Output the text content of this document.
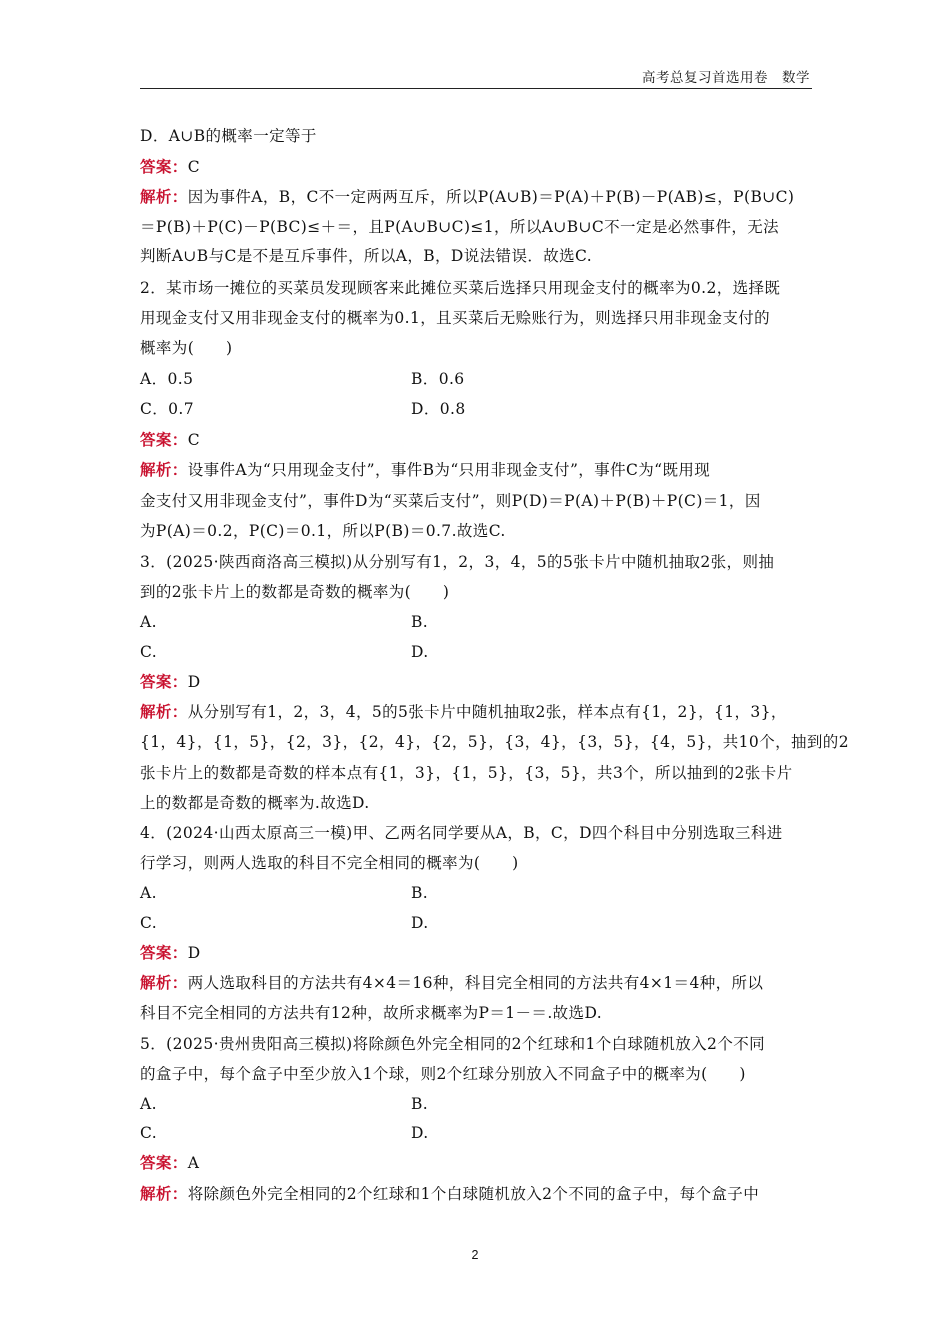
高考总复习首选用卷　数学
D．A∪B的概率一定等于
答案：C
解析：因为事件A，B，C不一定两两互斥，所以P(A∪B)＝P(A)＋P(B)－P(AB)≤，P(B∪C)
＝P(B)＋P(C)－P(BC)≤＋＝，且P(A∪B∪C)≤1，所以A∪B∪C不一定是必然事件，无法
判断A∪B与C是不是互斥事件，所以A，B，D说法错误．故选C.
2．某市场一摊位的买菜员发现顾客来此摊位买菜后选择只用现金支付的概率为0.2，选择既
用现金支付又用非现金支付的概率为0.1，且买菜后无赊账行为，则选择只用非现金支付的
概率为(　　)
A．0.5	B．0.6
C．0.7	D．0.8
答案：C
解析：设事件A为“只用现金支付”，事件B为“只用非现金支付”，事件C为“既用现
金支付又用非现金支付”，事件D为“买菜后支付”，则P(D)＝P(A)＋P(B)＋P(C)＝1，因
为P(A)＝0.2，P(C)＝0.1，所以P(B)＝0.7.故选C.
3．(2025·陕西商洛高三模拟)从分别写有1，2，3，4，5的5张卡片中随机抽取2张，则抽
到的2张卡片上的数都是奇数的概率为(　　)
A.	B.
C.	D.
答案：D
解析：从分别写有1，2，3，4，5的5张卡片中随机抽取2张，样本点有{1，2}，{1，3}，
{1，4}，{1，5}，{2，3}，{2，4}，{2，5}，{3，4}，{3，5}，{4，5}，共10个，抽到的2
张卡片上的数都是奇数的样本点有{1，3}，{1，5}，{3，5}，共3个，所以抽到的2张卡片
上的数都是奇数的概率为.故选D.
4．(2024·山西太原高三一模)甲、乙两名同学要从A，B，C，D四个科目中分别选取三科进
行学习，则两人选取的科目不完全相同的概率为(　　)
A.	B.
C.	D.
答案：D
解析：两人选取科目的方法共有4×4＝16种，科目完全相同的方法共有4×1＝4种，所以
科目不完全相同的方法共有12种，故所求概率为P＝1－＝.故选D.
5．(2025·贵州贵阳高三模拟)将除颜色外完全相同的2个红球和1个白球随机放入2个不同
的盒子中，每个盒子中至少放入1个球，则2个红球分别放入不同盒子中的概率为(　　)
A.	B.
C.	D.
答案：A
解析：将除颜色外完全相同的2个红球和1个白球随机放入2个不同的盒子中，每个盒子中
2
